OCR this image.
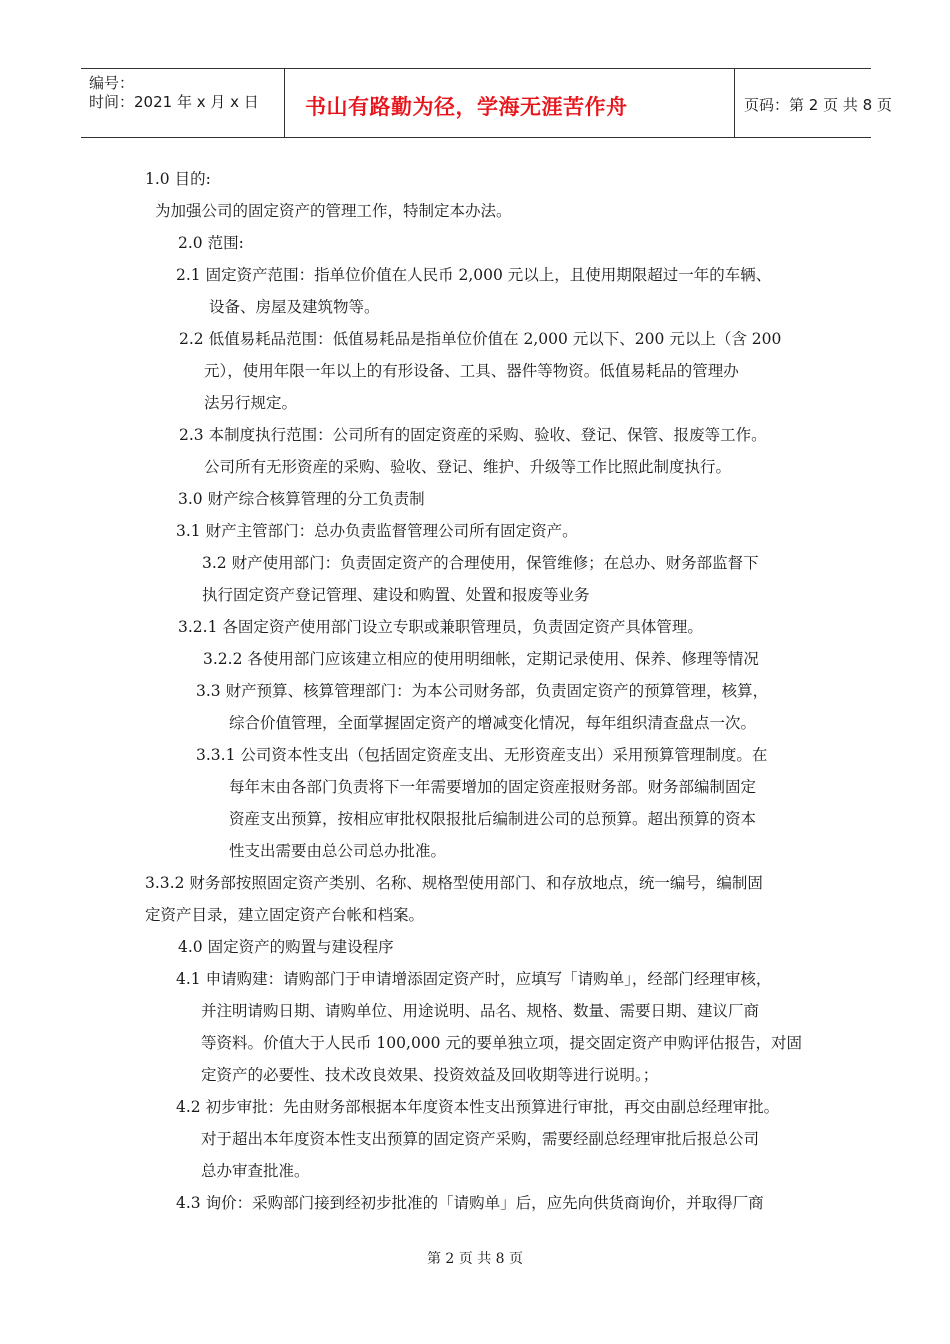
编号：
时间：2021 年 x 月 x 日 书山有路勤为径，学海无涯苦作舟	页码：第 2 页 共 8 页
1.0 目的:
为加强公司的固定资产的管理工作，特制定本办法。
2.0 范围:
2.1 固定资产范围：指单位价值在人民币 2,000 元以上，且使用期限超过一年的车辆、
设备、房屋及建筑物等。
2.2 低值易耗品范围：低值易耗品是指单位价值在 2,000 元以下、200 元以上（含 200
元），使用年限一年以上的有形设备、工具、器件等物资。低值易耗品的管理办
法另行规定。
2.3 本制度执行范围：公司所有的固定资産的采购、验收、登记、保管、报废等工作。
公司所有无形资産的采购、验收、登记、维护、升级等工作比照此制度执行。
3.0 财产综合核算管理的分工负责制
3.1 财产主管部门：总办负责监督管理公司所有固定资产。
3.2 财产使用部门：负责固定资产的合理使用，保管维修；在总办、财务部监督下
执行固定资产登记管理、建设和购置、处置和报废等业务
3.2.1 各固定资产使用部门设立专职或兼职管理员，负责固定资产具体管理。
3.2.2 各使用部门应该建立相应的使用明细帐，定期记录使用、保养、修理等情况
3.3 财产预算、核算管理部门：为本公司财务部，负责固定资产的预算管理，核算，
综合价值管理，全面掌握固定资产的增减变化情况，每年组织清查盘点一次。
3.3.1 公司资本性支出（包括固定资産支出、无形资産支出）采用预算管理制度。在
每年末由各部门负责将下一年需要增加的固定资産报财务部。财务部编制固定
资産支出预算，按相应审批权限报批后编制进公司的总预算。超出预算的资本
性支出需要由总公司总办批准。
3.3.2 财务部按照固定资产类别、名称、规格型使用部门、和存放地点，统一编号，编制固
定资产目录，建立固定资产台帐和档案。
4.0 固定资产的购置与建设程序
4.1 申请购建：请购部门于申请增添固定资产时，应填写「请购单」，经部门经理审核，
并注明请购日期、请购单位、用途说明、品名、规格、数量、需要日期、建议厂商
等资料。价值大于人民币 100,000 元的要单独立项，提交固定资产申购评估报告，对固
定资产的必要性、技术改良效果、投资效益及回收期等进行说明。；
4.2 初步审批：先由财务部根据本年度资本性支出预算进行审批，再交由副总经理审批。
对于超出本年度资本性支出预算的固定资产采购，需要经副总经理审批后报总公司
总办审查批准。
4.3 询价：采购部门接到经初步批准的「请购单」后，应先向供货商询价，并取得厂商
第 2 页 共 8 页
